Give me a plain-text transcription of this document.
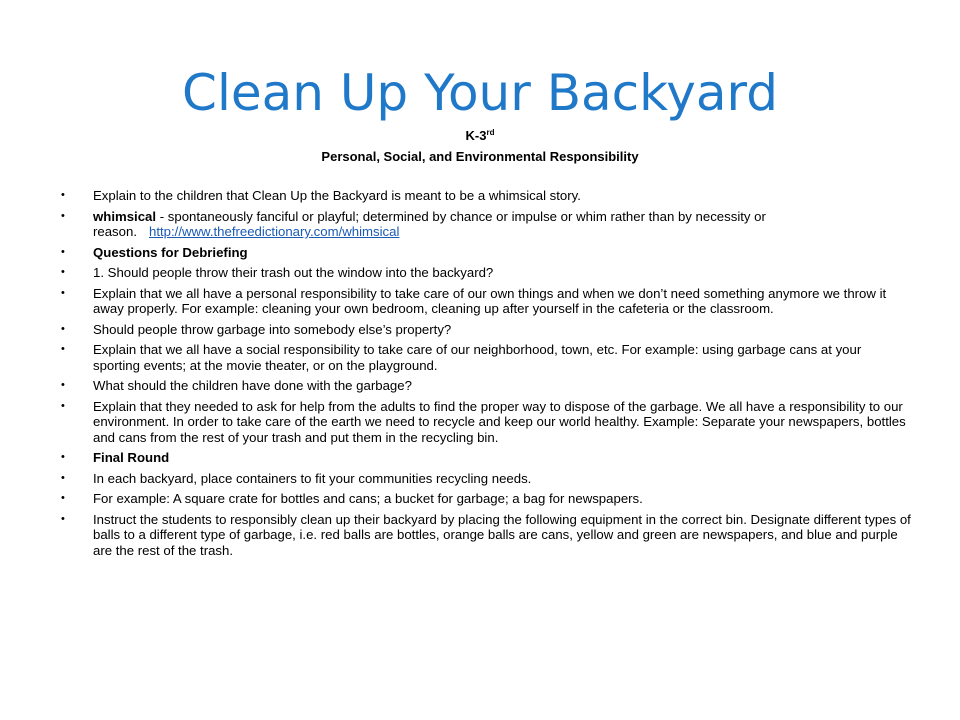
Clean Up Your Backyard
K-3rd
Personal, Social, and Environmental Responsibility
• Explain to the children that Clean Up the Backyard is meant to be a whimsical story.
• whimsical - spontaneously fanciful or playful; determined by chance or impulse or whim rather than by necessity or reason. http://www.thefreedictionary.com/whimsical
• Questions for Debriefing
• 1. Should people throw their trash out the window into the backyard?
• Explain that we all have a personal responsibility to take care of our own things and when we don’t need something anymore we throw it away properly. For example: cleaning your own bedroom, cleaning up after yourself in the cafeteria or the classroom.
• Should people throw garbage into somebody else’s property?
• Explain that we all have a social responsibility to take care of our neighborhood, town, etc. For example: using garbage cans at your sporting events; at the movie theater, or on the playground.
• What should the children have done with the garbage?
• Explain that they needed to ask for help from the adults to find the proper way to dispose of the garbage. We all have a responsibility to our environment. In order to take care of the earth we need to recycle and keep our world healthy. Example: Separate your newspapers, bottles and cans from the rest of your trash and put them in the recycling bin.
• Final Round
• In each backyard, place containers to fit your communities recycling needs.
• For example: A square crate for bottles and cans; a bucket for garbage; a bag for newspapers.
• Instruct the students to responsibly clean up their backyard by placing the following equipment in the correct bin. Designate different types of balls to a different type of garbage, i.e. red balls are bottles, orange balls are cans, yellow and green are newspapers, and blue and purple are the rest of the trash.
